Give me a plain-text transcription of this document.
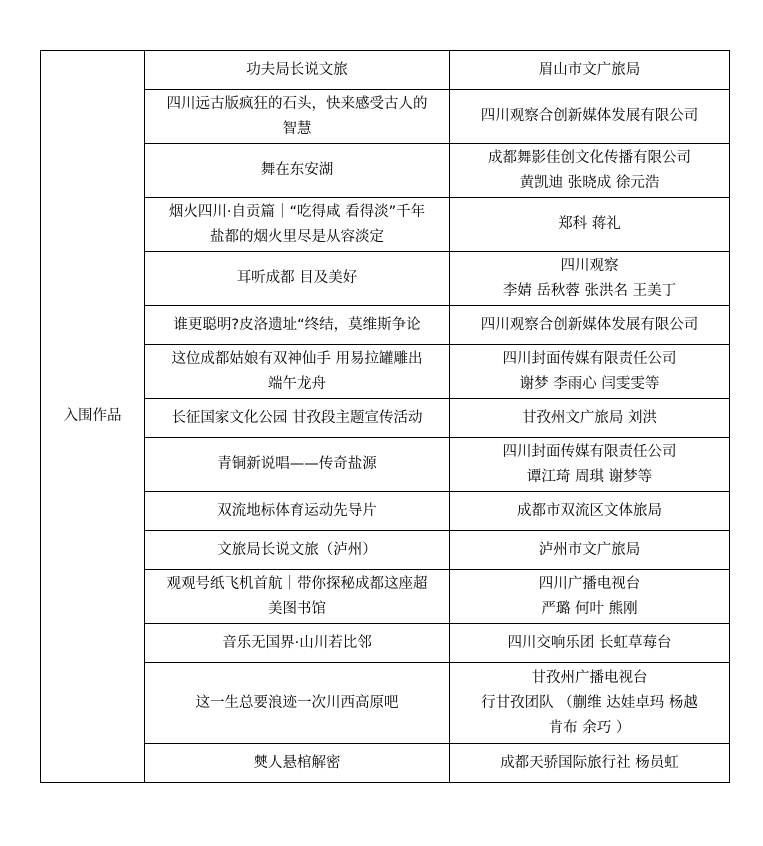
入围作品	功夫局长说文旅	眉山市文广旅局

	四川远古版疯狂的石头，快来感受古人的
智慧	四川观察合创新媒体发展有限公司

	舞在东安湖	成都舞影佳创文化传播有限公司
黄凯迪 张晓成 徐元浩

	烟火四川·自贡篇｜“吃得咸 看得淡”千年
盐都的烟火里尽是从容淡定	郑科 蒋礼

	耳听成都 目及美好	四川观察
李婧 岳秋蓉 张洪名 王美丁

	谁更聪明?皮洛遗址“终结，莫维斯争论	四川观察合创新媒体发展有限公司

	这位成都姑娘有双神仙手 用易拉罐雕出
端午龙舟	四川封面传媒有限责任公司
谢梦 李雨心 闫雯雯等

	长征国家文化公园 甘孜段主题宣传活动	甘孜州文广旅局 刘洪

	青铜新说唱——传奇盐源	四川封面传媒有限责任公司
谭江琦 周琪 谢梦等

	双流地标体育运动先导片	成都市双流区文体旅局

	文旅局长说文旅（泸州）	泸州市文广旅局

	观观号纸飞机首航｜带你探秘成都这座超
美图书馆	四川广播电视台
严璐 何叶 熊刚

	音乐无国界·山川若比邻	四川交响乐团 长虹草莓台

	这一生总要浪迹一次川西高原吧	甘孜州广播电视台
行甘孜团队 （蒯维 达娃卓玛 杨越
肯布 余巧 ）

	僰人悬棺解密	成都天骄国际旅行社 杨员虹
